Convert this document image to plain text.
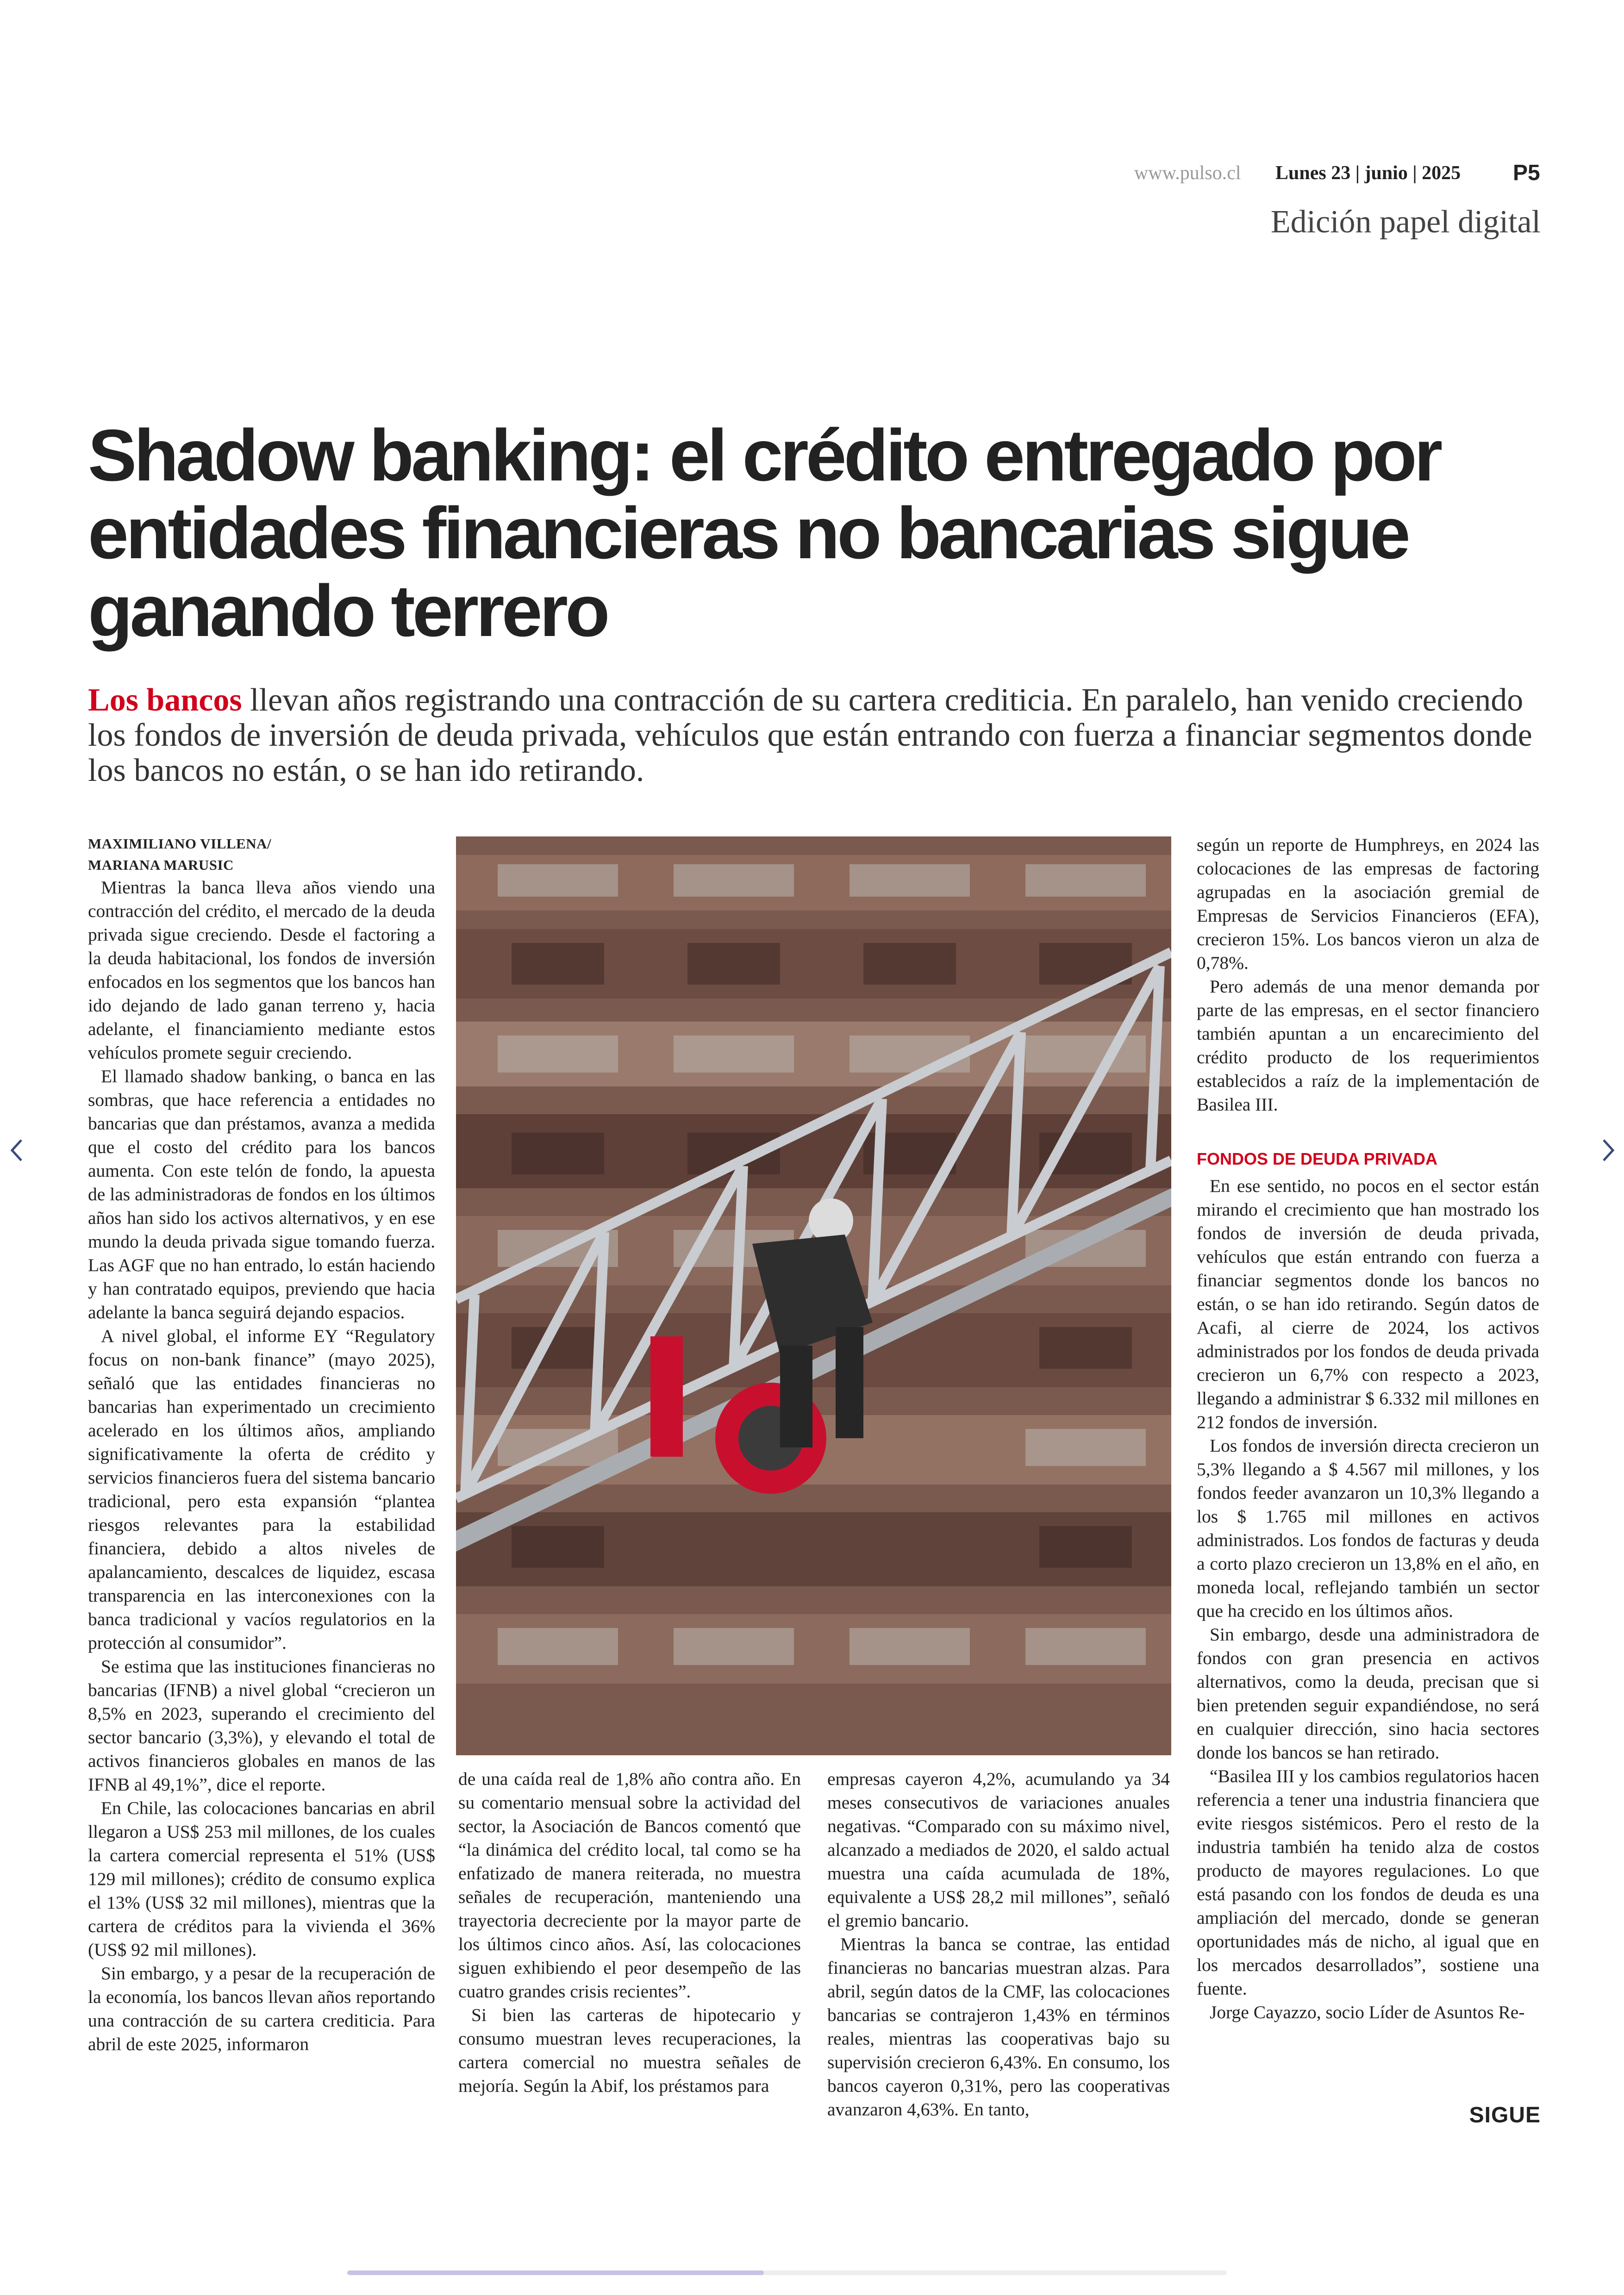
www.pulso.cl Lunes 23 | junio | 2025 P5
Edición papel digital
Shadow banking: el crédito entregado por entidades financieras no bancarias sigue ganando terrero

Los bancos llevan años registrando una contracción de su cartera crediticia. En paralelo, han venido creciendo los fondos de inversión de deuda privada, vehículos que están entrando con fuerza a financiar segmentos donde los bancos no están, o se han ido retirando.

MAXIMILIANO VILLENA/
MARIANA MARUSIC

Mientras la banca lleva años viendo una contracción del crédito, el mercado de la deuda privada sigue creciendo. Desde el factoring a la deuda habitacional, los fondos de inversión enfocados en los segmentos que los bancos han ido dejando de lado ganan terreno y, hacia adelante, el financiamiento mediante estos vehículos promete seguir creciendo.

El llamado shadow banking, o banca en las sombras, que hace referencia a entidades no bancarias que dan préstamos, avanza a medida que el costo del crédito para los bancos aumenta. Con este telón de fondo, la apuesta de las administradoras de fondos en los últimos años han sido los activos alternativos, y en ese mundo la deuda privada sigue tomando fuerza. Las AGF que no han entrado, lo están haciendo y han contratado equipos, previendo que hacia adelante la banca seguirá dejando espacios.

A nivel global, el informe EY “Regulatory focus on non-bank finance” (mayo 2025), señaló que las entidades financieras no bancarias han experimentado un crecimiento acelerado en los últimos años, ampliando significativamente la oferta de crédito y servicios financieros fuera del sistema bancario tradicional, pero esta expansión “plantea riesgos relevantes para la estabilidad financiera, debido a altos niveles de apalancamiento, descalces de liquidez, escasa transparencia en las interconexiones con la banca tradicional y vacíos regulatorios en la protección al consumidor”.

Se estima que las instituciones financieras no bancarias (IFNB) a nivel global “crecieron un 8,5% en 2023, superando el crecimiento del sector bancario (3,3%), y elevando el total de activos financieros globales en manos de las IFNB al 49,1%”, dice el reporte.

En Chile, las colocaciones bancarias en abril llegaron a US$ 253 mil millones, de los cuales la cartera comercial representa el 51% (US$ 129 mil millones); crédito de consumo explica el 13% (US$ 32 mil millones), mientras que la cartera de créditos para la vivienda el 36% (US$ 92 mil millones).

Sin embargo, y a pesar de la recuperación de la economía, los bancos llevan años reportando una contracción de su cartera crediticia. Para abril de este 2025, informaron

de una caída real de 1,8% año contra año. En su comentario mensual sobre la actividad del sector, la Asociación de Bancos comentó que “la dinámica del crédito local, tal como se ha enfatizado de manera reiterada, no muestra señales de recuperación, manteniendo una trayectoria decreciente por la mayor parte de los últimos cinco años. Así, las colocaciones siguen exhibiendo el peor desempeño de las cuatro grandes crisis recientes”.

Si bien las carteras de hipotecario y consumo muestran leves recuperaciones, la cartera comercial no muestra señales de mejoría. Según la Abif, los préstamos para

empresas cayeron 4,2%, acumulando ya 34 meses consecutivos de variaciones anuales negativas. “Comparado con su máximo nivel, alcanzado a mediados de 2020, el saldo actual muestra una caída acumulada de 18%, equivalente a US$ 28,2 mil millones”, señaló el gremio bancario.

Mientras la banca se contrae, las entidad financieras no bancarias muestran alzas. Para abril, según datos de la CMF, las colocaciones bancarias se contrajeron 1,43% en términos reales, mientras las cooperativas bajo su supervisión crecieron 6,43%. En consumo, los bancos cayeron 0,31%, pero las cooperativas avanzaron 4,63%. En tanto,

según un reporte de Humphreys, en 2024 las colocaciones de las empresas de factoring agrupadas en la asociación gremial de Empresas de Servicios Financieros (EFA), crecieron 15%. Los bancos vieron un alza de 0,78%.

Pero además de una menor demanda por parte de las empresas, en el sector financiero también apuntan a un encarecimiento del crédito producto de los requerimientos establecidos a raíz de la implementación de Basilea III.

FONDOS DE DEUDA PRIVADA

En ese sentido, no pocos en el sector están mirando el crecimiento que han mostrado los fondos de inversión de deuda privada, vehículos que están entrando con fuerza a financiar segmentos donde los bancos no están, o se han ido retirando. Según datos de Acafi, al cierre de 2024, los activos administrados por los fondos de deuda privada crecieron un 6,7% con respecto a 2023, llegando a administrar $ 6.332 mil millones en 212 fondos de inversión.

Los fondos de inversión directa crecieron un 5,3% llegando a $ 4.567 mil millones, y los fondos feeder avanzaron un 10,3% llegando a los $ 1.765 mil millones en activos administrados. Los fondos de facturas y deuda a corto plazo crecieron un 13,8% en el año, en moneda local, reflejando también un sector que ha crecido en los últimos años.

Sin embargo, desde una administradora de fondos con gran presencia en activos alternativos, como la deuda, precisan que si bien pretenden seguir expandiéndose, no será en cualquier dirección, sino hacia sectores donde los bancos se han retirado.

“Basilea III y los cambios regulatorios hacen referencia a tener una industria financiera que evite riesgos sistémicos. Pero el resto de la industria también ha tenido alza de costos producto de mayores regulaciones. Lo que está pasando con los fondos de deuda es una ampliación del mercado, donde se generan oportunidades más de nicho, al igual que en los mercados desarrollados”, sostiene una fuente.

Jorge Cayazzo, socio Líder de Asuntos Re-

SIGUE
